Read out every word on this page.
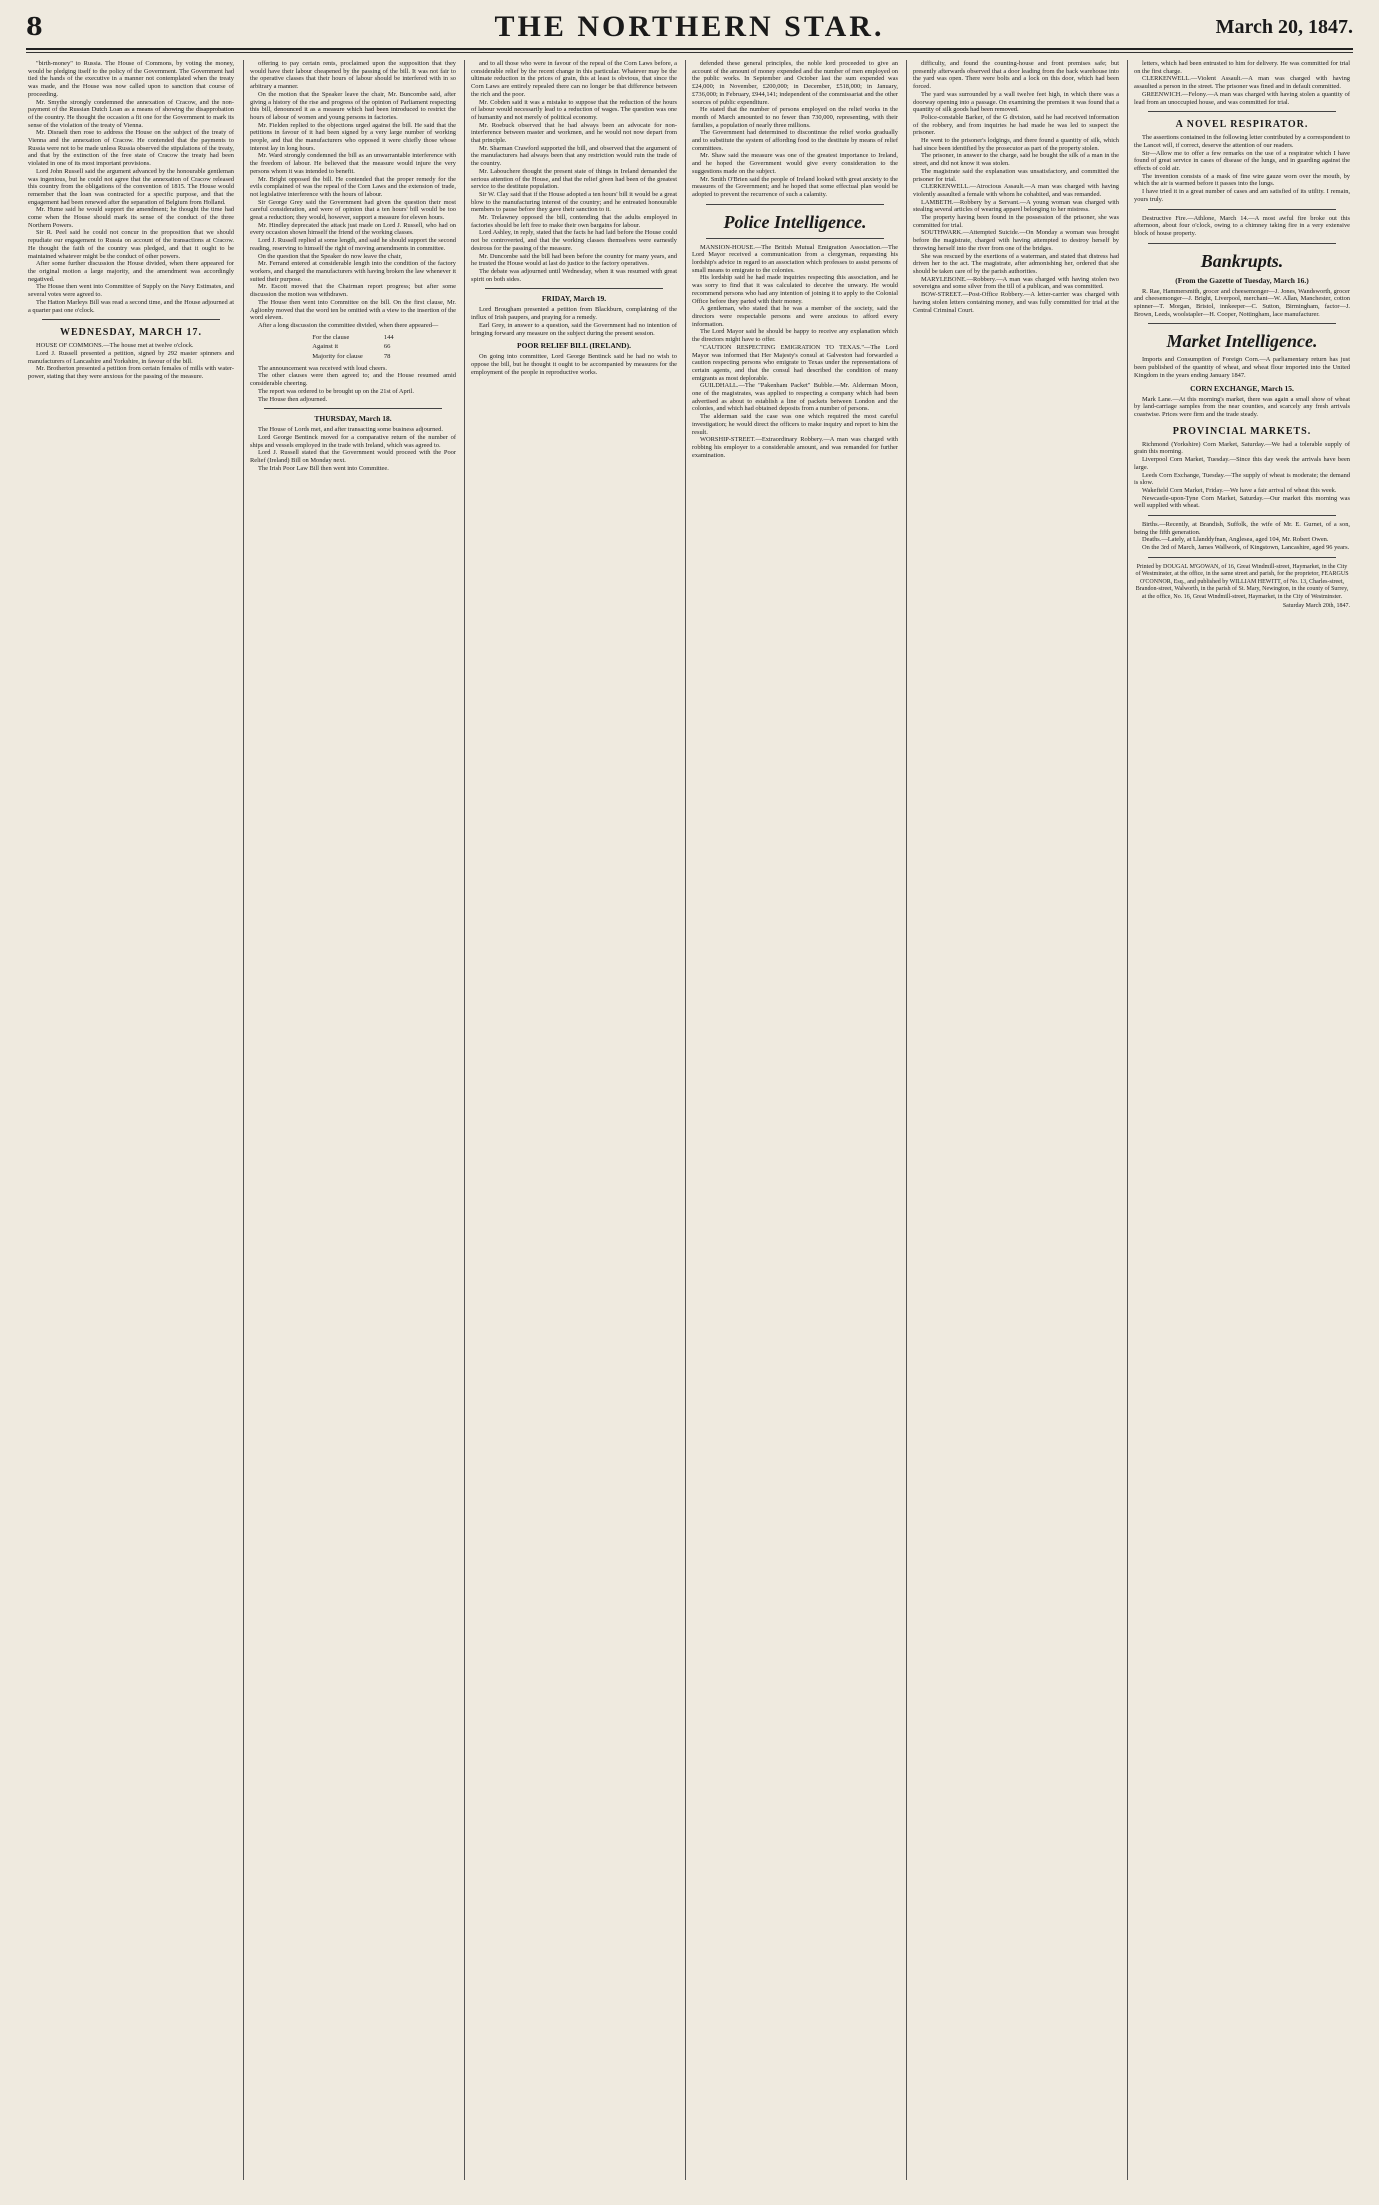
8	THE NORTHERN STAR.	March 20, 1847.

"birth-money" to Russia. The House of Commons, by voting the money, would be pledging itself to the policy of the Government. The Government had tied the hands of the executive in a manner not contemplated when the treaty was made, and the House was now called upon to sanction that course of proceeding.

Mr. Smythe strongly condemned the annexation of Cracow, and the non-payment of the Russian Dutch Loan as a means of showing the disapprobation of the country. He thought the occasion a fit one for the Government to mark its sense of the violation of the treaty of Vienna.

Mr. Disraeli then rose to address the House on the subject of the treaty of Vienna and the annexation of Cracow. He contended that the payments to Russia were not to be made unless Russia observed the stipulations of the treaty, and that by the extinction of the free state of Cracow the treaty had been violated in one of its most important provisions.

Lord John Russell said the argument advanced by the honourable gentleman was ingenious, but he could not agree that the annexation of Cracow released this country from the obligations of the convention of 1815. The House would remember that the loan was contracted for a specific purpose, and that the engagement had been renewed after the separation of Belgium from Holland.

Mr. Hume said he would support the amendment; he thought the time had come when the House should mark its sense of the conduct of the three Northern Powers.

Sir R. Peel said he could not concur in the proposition that we should repudiate our engagement to Russia on account of the transactions at Cracow. He thought the faith of the country was pledged, and that it ought to be maintained whatever might be the conduct of other powers.

After some further discussion the House divided, when there appeared for the original motion a large majority, and the amendment was accordingly negatived.

The House then went into Committee of Supply on the Navy Estimates, and several votes were agreed to.

The Hatton Marleys Bill was read a second time, and the House adjourned at a quarter past one o'clock.

WEDNESDAY, MARCH 17.

HOUSE OF COMMONS.—The house met at twelve o'clock.

Lord J. Russell presented a petition, signed by 292 master spinners and manufacturers of Lancashire and Yorkshire, in favour of the bill.

Mr. Brotherton presented a petition from certain females of mills with water-power, stating that they were anxious for the passing of the measure.

offering to pay certain rents, proclaimed upon the supposition that they would have their labour cheapened by the passing of the bill. It was not fair to the operative classes that their hours of labour should be interfered with in so arbitrary a manner.

On the motion that the Speaker leave the chair, Mr. Buncombe said, after giving a history of the rise and progress of the opinion of Parliament respecting this bill, denounced it as a measure which had been introduced to restrict the hours of labour of women and young persons in factories.

Mr. Fielden replied to the objections urged against the bill. He said that the petitions in favour of it had been signed by a very large number of working people, and that the manufacturers who opposed it were chiefly those whose interest lay in long hours.

Mr. Ward strongly condemned the bill as an unwarrantable interference with the freedom of labour. He believed that the measure would injure the very persons whom it was intended to benefit.

Mr. Bright opposed the bill. He contended that the proper remedy for the evils complained of was the repeal of the Corn Laws and the extension of trade, not legislative interference with the hours of labour.

Sir George Grey said the Government had given the question their most careful consideration, and were of opinion that a ten hours' bill would be too great a reduction; they would, however, support a measure for eleven hours.

Mr. Hindley deprecated the attack just made on Lord J. Russell, who had on every occasion shown himself the friend of the working classes.

Lord J. Russell replied at some length, and said he should support the second reading, reserving to himself the right of moving amendments in committee.

On the question that the Speaker do now leave the chair,

Mr. Ferrand entered at considerable length into the condition of the factory workers, and charged the manufacturers with having broken the law whenever it suited their purpose.

Mr. Escott moved that the Chairman report progress; but after some discussion the motion was withdrawn.

The House then went into Committee on the bill. On the first clause, Mr. Aglionby moved that the word ten be omitted with a view to the insertion of the word eleven.

After a long discussion the committee divided, when there appeared—

For the clause	144
Against it	66
Majority for clause	78

The announcement was received with loud cheers.

The other clauses were then agreed to; and the House resumed amid considerable cheering.

The report was ordered to be brought up on the 21st of April.

The House then adjourned.

THURSDAY, March 18.

The House of Lords met, and after transacting some business adjourned.

Lord George Bentinck moved for a comparative return of the number of ships and vessels employed in the trade with Ireland, which was agreed to.

Lord J. Russell stated that the Government would proceed with the Poor Relief (Ireland) Bill on Monday next.

The Irish Poor Law Bill then went into Committee.

and to all those who were in favour of the repeal of the Corn Laws before, a considerable relief by the recent change in this particular. Whatever may be the ultimate reduction in the prices of grain, this at least is obvious, that since the Corn Laws are entirely repealed there can no longer be that difference between the rich and the poor.

Mr. Cobden said it was a mistake to suppose that the reduction of the hours of labour would necessarily lead to a reduction of wages. The question was one of humanity and not merely of political economy.

Mr. Roebuck observed that he had always been an advocate for non-interference between master and workmen, and he would not now depart from that principle.

Mr. Sharman Crawford supported the bill, and observed that the argument of the manufacturers had always been that any restriction would ruin the trade of the country.

Mr. Labouchere thought the present state of things in Ireland demanded the serious attention of the House, and that the relief given had been of the greatest service to the destitute population.

Sir W. Clay said that if the House adopted a ten hours' bill it would be a great blow to the manufacturing interest of the country; and he entreated honourable members to pause before they gave their sanction to it.

Mr. Trelawney opposed the bill, contending that the adults employed in factories should be left free to make their own bargains for labour.

Lord Ashley, in reply, stated that the facts he had laid before the House could not be controverted, and that the working classes themselves were earnestly desirous for the passing of the measure.

Mr. Duncombe said the bill had been before the country for many years, and he trusted the House would at last do justice to the factory operatives.

The debate was adjourned until Wednesday, when it was resumed with great spirit on both sides.

FRIDAY, March 19.

Lord Brougham presented a petition from Blackburn, complaining of the influx of Irish paupers, and praying for a remedy.

Earl Grey, in answer to a question, said the Government had no intention of bringing forward any measure on the subject during the present session.

POOR RELIEF BILL (IRELAND).

On going into committee, Lord George Bentinck said he had no wish to oppose the bill, but he thought it ought to be accompanied by measures for the employment of the people in reproductive works.

defended these general principles, the noble lord proceeded to give an account of the amount of money expended and the number of men employed on the public works. In September and October last the sum expended was £24,000; in November, £200,000; in December, £518,000; in January, £736,000; in February, £944,141; independent of the commissariat and the other sources of public expenditure.

He stated that the number of persons employed on the relief works in the month of March amounted to no fewer than 730,000, representing, with their families, a population of nearly three millions.

The Government had determined to discontinue the relief works gradually and to substitute the system of affording food to the destitute by means of relief committees.

Mr. Shaw said the measure was one of the greatest importance to Ireland, and he hoped the Government would give every consideration to the suggestions made on the subject.

Mr. Smith O'Brien said the people of Ireland looked with great anxiety to the measures of the Government; and he hoped that some effectual plan would be adopted to prevent the recurrence of such a calamity.

Police Intelligence.

MANSION-HOUSE.—The British Mutual Emigration Association.—The Lord Mayor received a communication from a clergyman, requesting his lordship's advice in regard to an association which professes to assist persons of small means to emigrate to the colonies.

His lordship said he had made inquiries respecting this association, and he was sorry to find that it was calculated to deceive the unwary. He would recommend persons who had any intention of joining it to apply to the Colonial Office before they parted with their money.

A gentleman, who stated that he was a member of the society, said the directors were respectable persons and were anxious to afford every information.

The Lord Mayor said he should be happy to receive any explanation which the directors might have to offer.

"CAUTION RESPECTING EMIGRATION TO TEXAS."—The Lord Mayor was informed that Her Majesty's consul at Galveston had forwarded a caution respecting persons who emigrate to Texas under the representations of certain agents, and that the consul had described the condition of many emigrants as most deplorable.

GUILDHALL.—The "Pakenham Packet" Bubble.—Mr. Alderman Moon, one of the magistrates, was applied to respecting a company which had been advertised as about to establish a line of packets between London and the colonies, and which had obtained deposits from a number of persons.

The alderman said the case was one which required the most careful investigation; he would direct the officers to make inquiry and report to him the result.

WORSHIP-STREET.—Extraordinary Robbery.—A man was charged with robbing his employer to a considerable amount, and was remanded for further examination.

difficulty, and found the counting-house and front premises safe; but presently afterwards observed that a door leading from the back warehouse into the yard was open. There were bolts and a lock on this door, which had been forced.

The yard was surrounded by a wall twelve feet high, in which there was a doorway opening into a passage. On examining the premises it was found that a quantity of silk goods had been removed.

Police-constable Barker, of the G division, said he had received information of the robbery, and from inquiries he had made he was led to suspect the prisoner.

He went to the prisoner's lodgings, and there found a quantity of silk, which had since been identified by the prosecutor as part of the property stolen.

The prisoner, in answer to the charge, said he bought the silk of a man in the street, and did not know it was stolen.

The magistrate said the explanation was unsatisfactory, and committed the prisoner for trial.

CLERKENWELL.—Atrocious Assault.—A man was charged with having violently assaulted a female with whom he cohabited, and was remanded.

LAMBETH.—Robbery by a Servant.—A young woman was charged with stealing several articles of wearing apparel belonging to her mistress.

The property having been found in the possession of the prisoner, she was committed for trial.

SOUTHWARK.—Attempted Suicide.—On Monday a woman was brought before the magistrate, charged with having attempted to destroy herself by throwing herself into the river from one of the bridges.

She was rescued by the exertions of a waterman, and stated that distress had driven her to the act. The magistrate, after admonishing her, ordered that she should be taken care of by the parish authorities.

MARYLEBONE.—Robbery.—A man was charged with having stolen two sovereigns and some silver from the till of a publican, and was committed.

BOW-STREET.—Post-Office Robbery.—A letter-carrier was charged with having stolen letters containing money, and was fully committed for trial at the Central Criminal Court.

letters, which had been entrusted to him for delivery. He was committed for trial on the first charge.

CLERKENWELL.—Violent Assault.—A man was charged with having assaulted a person in the street. The prisoner was fined and in default committed.

GREENWICH.—Felony.—A man was charged with having stolen a quantity of lead from an unoccupied house, and was committed for trial.

A NOVEL RESPIRATOR.

The assertions contained in the following letter contributed by a correspondent to the Lancet will, if correct, deserve the attention of our readers.

Sir—Allow me to offer a few remarks on the use of a respirator which I have found of great service in cases of disease of the lungs, and in guarding against the effects of cold air.

The invention consists of a mask of fine wire gauze worn over the mouth, by which the air is warmed before it passes into the lungs.

I have tried it in a great number of cases and am satisfied of its utility. I remain, yours truly.

Destructive Fire.—Athlone, March 14.—A most awful fire broke out this afternoon, about four o'clock, owing to a chimney taking fire in a very extensive block of house property.

Bankrupts.
(From the Gazette of Tuesday, March 16.)

R. Rae, Hammersmith, grocer and cheesemonger—J. Jones, Wandsworth, grocer and cheesemonger—J. Bright, Liverpool, merchant—W. Allan, Manchester, cotton spinner—T. Morgan, Bristol, innkeeper—C. Sutton, Birmingham, factor—J. Brown, Leeds, woolstapler—H. Cooper, Nottingham, lace manufacturer.

Market Intelligence.

Imports and Consumption of Foreign Corn.—A parliamentary return has just been published of the quantity of wheat, and wheat flour imported into the United Kingdom in the years ending January 1847.

CORN EXCHANGE, March 15.

Mark Lane.—At this morning's market, there was again a small show of wheat by land-carriage samples from the near counties, and scarcely any fresh arrivals coastwise. Prices were firm and the trade steady.

PROVINCIAL MARKETS.

Richmond (Yorkshire) Corn Market, Saturday.—We had a tolerable supply of grain this morning.

Liverpool Corn Market, Tuesday.—Since this day week the arrivals have been large.

Leeds Corn Exchange, Tuesday.—The supply of wheat is moderate; the demand is slow.

Wakefield Corn Market, Friday.—We have a fair arrival of wheat this week.

Newcastle-upon-Tyne Corn Market, Saturday.—Our market this morning was well supplied with wheat.

Births.—Recently, at Brandish, Suffolk, the wife of Mr. E. Gurnet, of a son, being the fifth generation.

Deaths.—Lately, at Llanddyfnan, Anglesea, aged 104, Mr. Robert Owen.

On the 3rd of March, James Wallwork, of Kingstown, Lancashire, aged 96 years.

Printed by DOUGAL M'GOWAN, of 16, Great Windmill-street, Haymarket, in the City of Westminster, at the office, in the same street and parish, for the proprietor, FEARGUS O'CONNOR, Esq., and published by WILLIAM HEWITT, of No. 13, Charles-street, Brandon-street, Walworth, in the parish of St. Mary, Newington, in the county of Surrey, at the office, No. 16, Great Windmill-street, Haymarket, in the City of Westminster.
Saturday March 20th, 1847.
